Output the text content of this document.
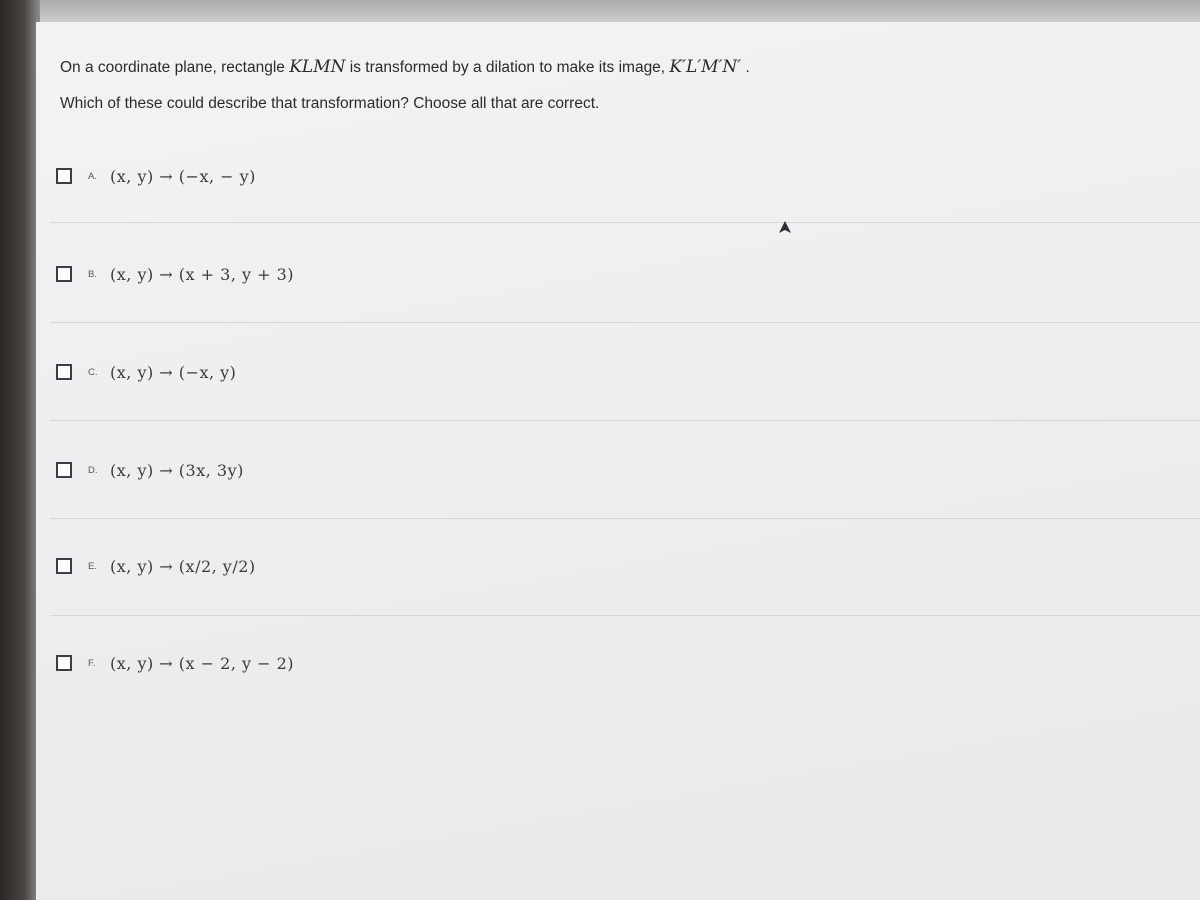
On a coordinate plane, rectangle KLMN is transformed by a dilation to make its image, K′L′M′N′ .

Which of these could describe that transformation? Choose all that are correct.

A. (x, y) → (−x, − y)
B. (x, y) → (x + 3, y + 3)
C. (x, y) → (−x, y)
D. (x, y) → (3x, 3y)
E. (x, y) → (x/2, y/2)
F. (x, y) → (x − 2, y − 2)
